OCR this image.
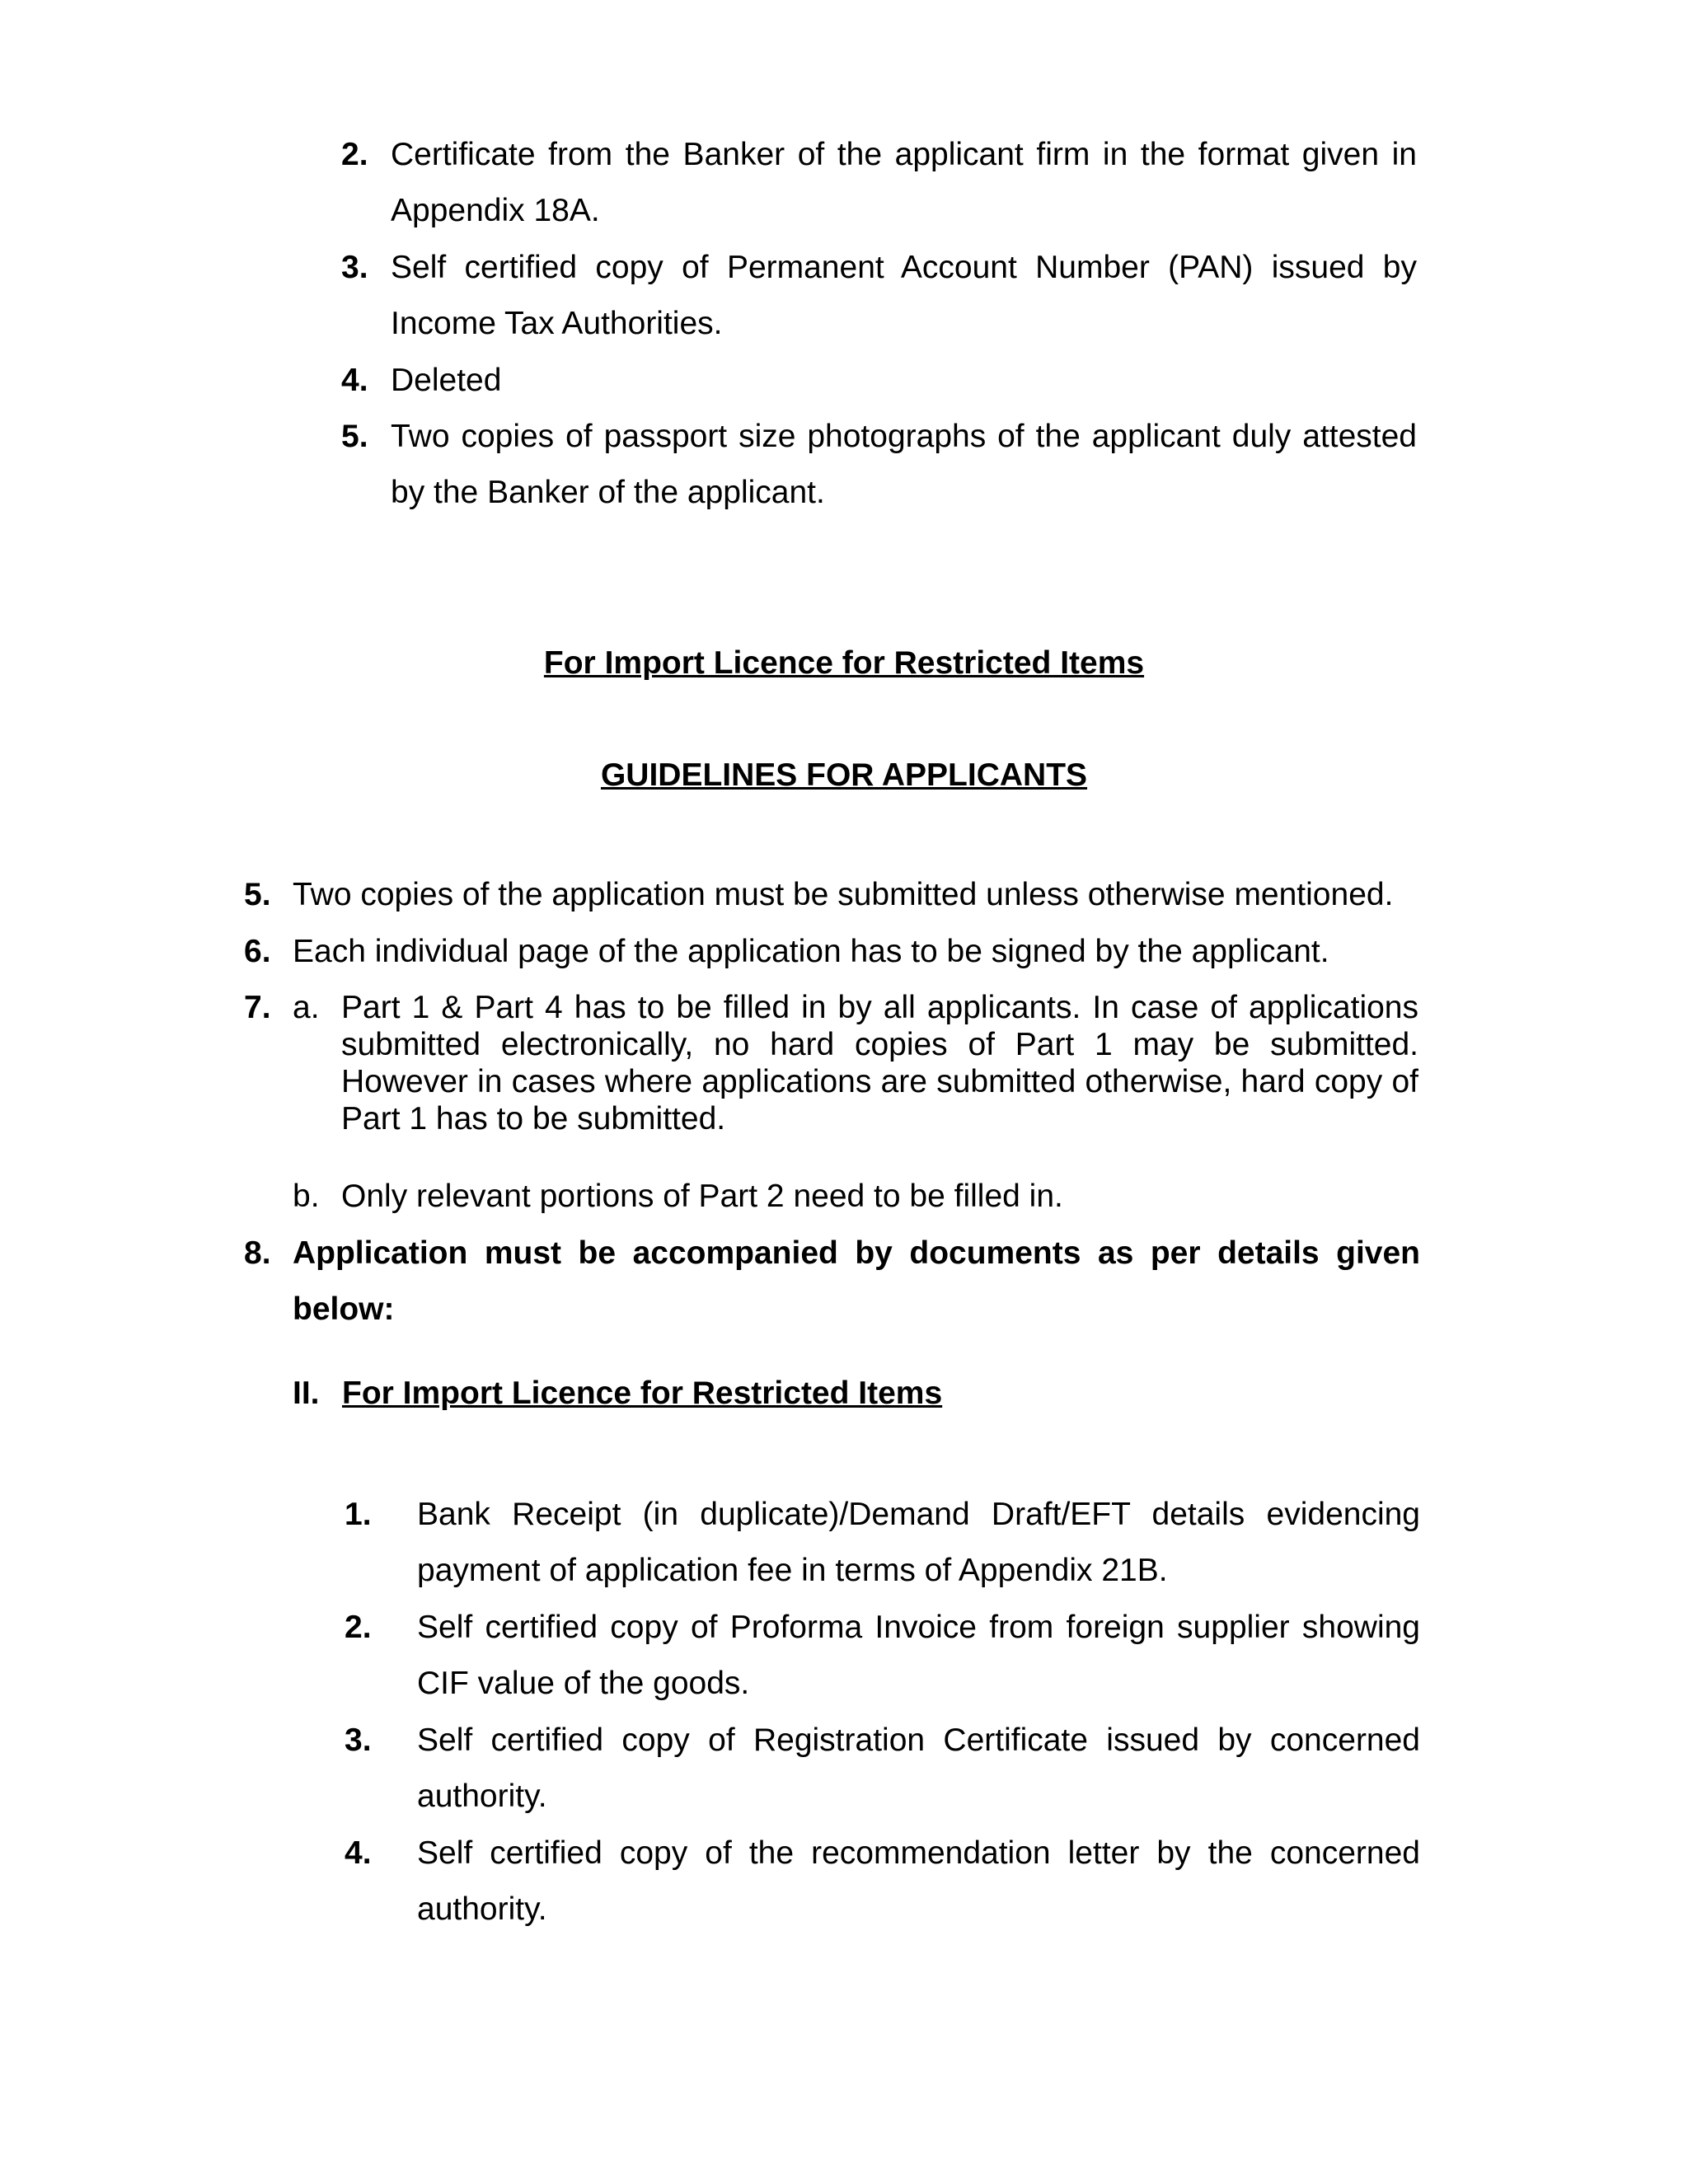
2. Certificate from the Banker of the applicant firm in the format given in Appendix 18A.
3. Self certified copy of Permanent Account Number (PAN) issued by Income Tax Authorities.
4. Deleted
5. Two copies of passport size photographs of the applicant duly attested by the Banker of the applicant.
For Import Licence for Restricted Items
GUIDELINES FOR APPLICANTS
5. Two copies of the application must be submitted unless otherwise mentioned.
6. Each individual page of the application has to be signed by the applicant.
7. a. Part 1 & Part 4 has to be filled in by all applicants. In case of applications submitted electronically, no hard copies of Part 1 may be submitted. However in cases where applications are submitted otherwise, hard copy of Part 1 has to be submitted.
b. Only relevant portions of Part 2 need to be filled in.
8. Application must be accompanied by documents as per details given below:
II. For Import Licence for Restricted Items
1. Bank Receipt (in duplicate)/Demand Draft/EFT details evidencing payment of application fee in terms of Appendix 21B.
2. Self certified copy of Proforma Invoice from foreign supplier showing CIF value of the goods.
3. Self certified copy of Registration Certificate issued by concerned authority.
4. Self certified copy of the recommendation letter by the concerned authority.
